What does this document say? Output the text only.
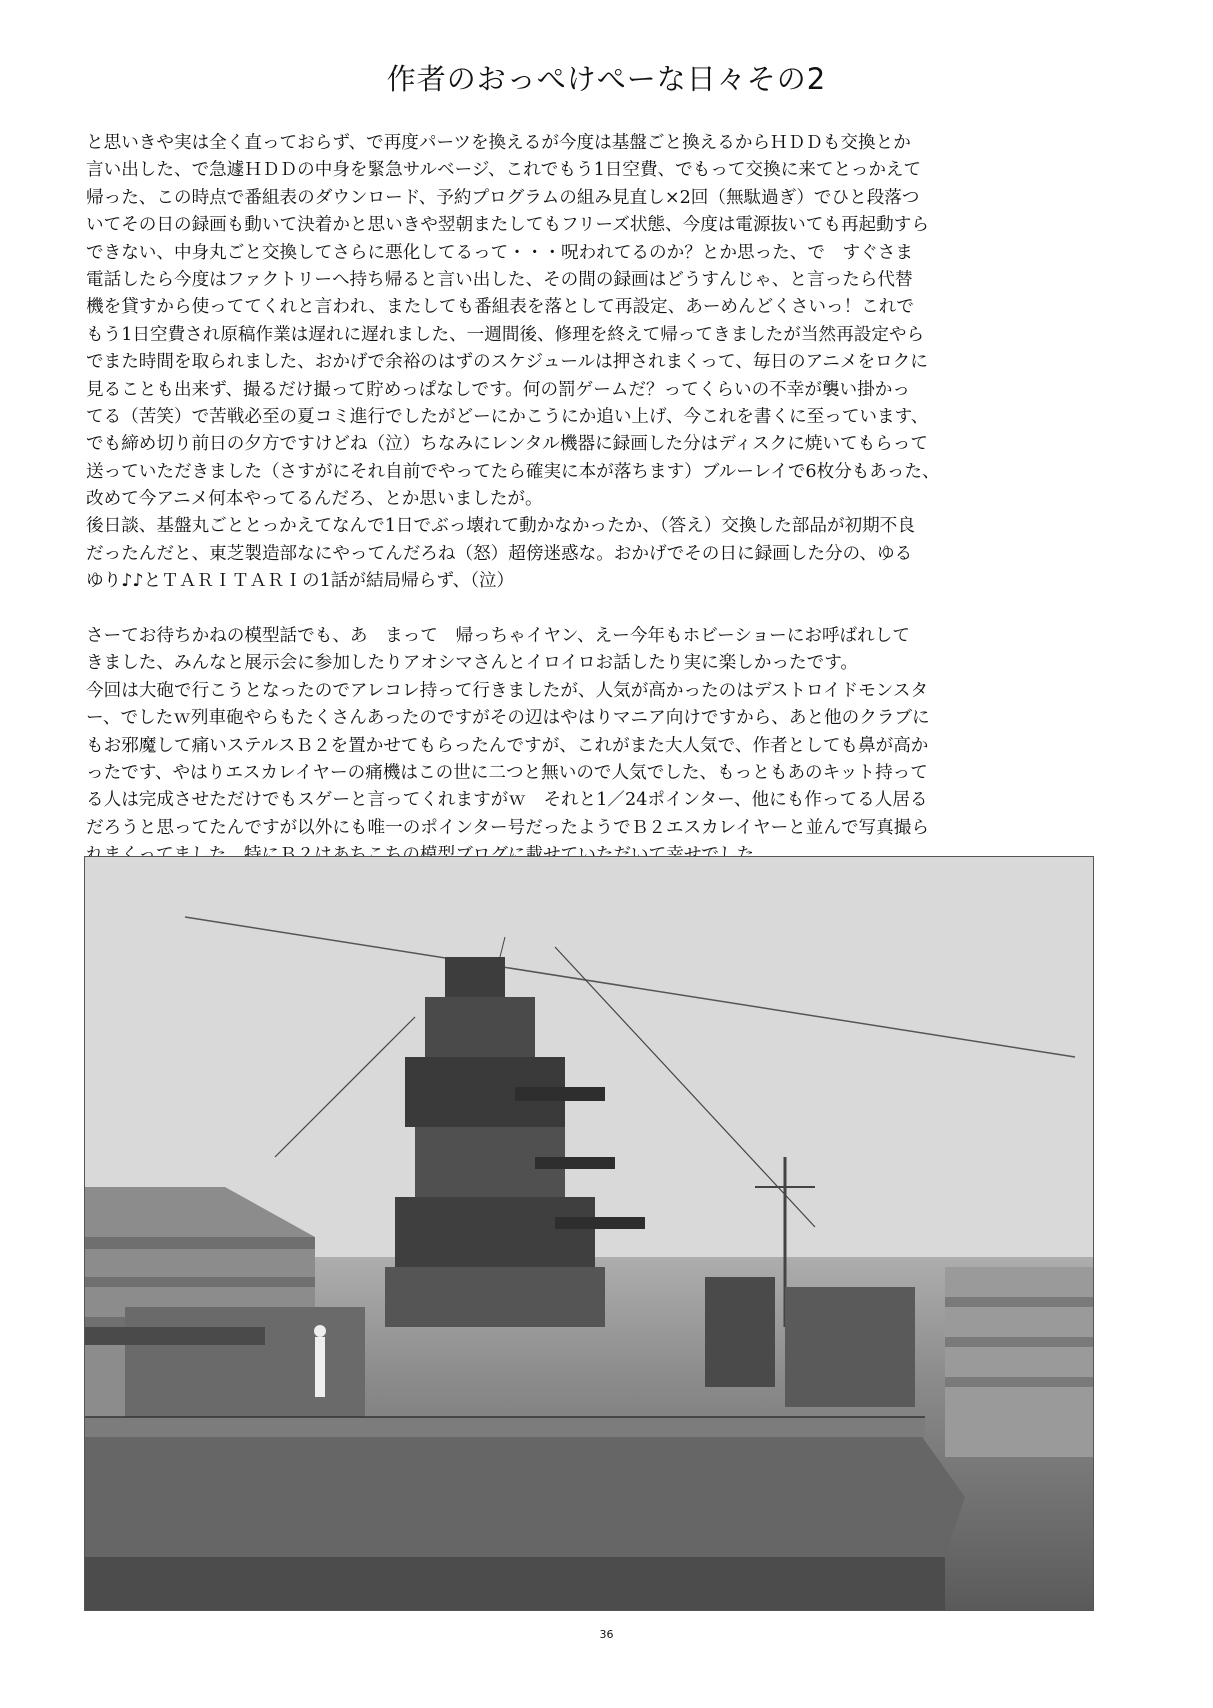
作者のおっぺけぺーな日々その2
と思いきや実は全く直っておらず、で再度パーツを換えるが今度は基盤ごと換えるからＨＤＤも交換とか
言い出した、で急遽ＨＤＤの中身を緊急サルベージ、これでもう1日空費、でもって交換に来てとっかえて
帰った、この時点で番組表のダウンロード、予約プログラムの組み見直し×2回（無駄過ぎ）でひと段落つ
いてその日の録画も動いて決着かと思いきや翌朝またしてもフリーズ状態、今度は電源抜いても再起動すら
できない、中身丸ごと交換してさらに悪化してるって・・・呪われてるのか？とか思った、で　すぐさま
電話したら今度はファクトリーへ持ち帰ると言い出した、その間の録画はどうすんじゃ、と言ったら代替
機を貸すから使っててくれと言われ、またしても番組表を落として再設定、あーめんどくさいっ！これで
もう1日空費され原稿作業は遅れに遅れました、一週間後、修理を終えて帰ってきましたが当然再設定やら
でまた時間を取られました、おかげで余裕のはずのスケジュールは押されまくって、毎日のアニメをロクに
見ることも出来ず、撮るだけ撮って貯めっぱなしです。何の罰ゲームだ？ってくらいの不幸が襲い掛かっ
てる（苦笑）で苦戦必至の夏コミ進行でしたがどーにかこうにか追い上げ、今これを書くに至っています、
でも締め切り前日の夕方ですけどね（泣）ちなみにレンタル機器に録画した分はディスクに焼いてもらって
送っていただきました（さすがにそれ自前でやってたら確実に本が落ちます）ブルーレイで6枚分もあった、
改めて今アニメ何本やってるんだろ、とか思いましたが。
後日談、基盤丸ごととっかえてなんで1日でぶっ壊れて動かなかったか、（答え）交換した部品が初期不良
だったんだと、東芝製造部なにやってんだろね（怒）超傍迷惑な。おかげでその日に録画した分の、ゆる
ゆり♪♪とＴＡＲＩＴＡＲＩの1話が結局帰らず、（泣）
さーてお待ちかねの模型話でも、あ　まって　帰っちゃイヤン、えー今年もホビーショーにお呼ばれして
きました、みんなと展示会に参加したりアオシマさんとイロイロお話したり実に楽しかったです。
今回は大砲で行こうとなったのでアレコレ持って行きましたが、人気が高かったのはデストロイドモンスタ
ー、でしたｗ列車砲やらもたくさんあったのですがその辺はやはりマニア向けですから、あと他のクラブに
もお邪魔して痛いステルスＢ２を置かせてもらったんですが、これがまた大人気で、作者としても鼻が高か
ったです、やはりエスカレイヤーの痛機はこの世に二つと無いので人気でした、もっともあのキット持って
る人は完成させただけでもスゲーと言ってくれますがｗ　それと1／24ポインター、他にも作ってる人居る
だろうと思ってたんですが以外にも唯一のポインター号だったようでＢ２エスカレイヤーと並んで写真撮ら
36
